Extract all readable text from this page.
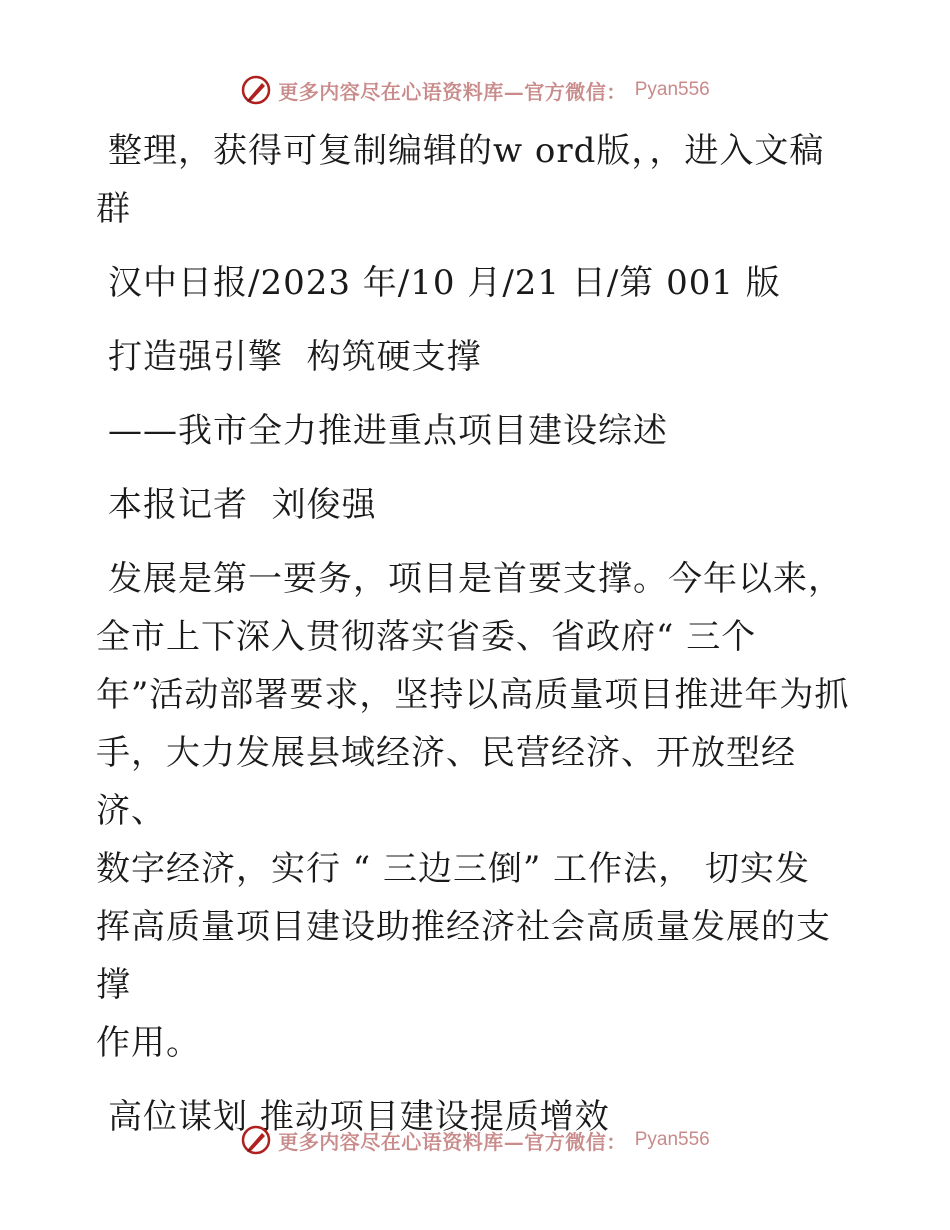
更多内容尽在心语资料库—官方微信： Pyan556

整理，获得可复制编辑的w ord版，，进入文稿

群

汉中日报/2023 年/10 月/21 日/第 001 版

打造强引擎  构筑硬支撑

——我市全力推进重点项目建设综述

本报记者  刘俊强

发展是第一要务，项目是首要支撑。今年以来，

全市上下深入贯彻落实省委、省政府“ 三个

年”活动部署要求，坚持以高质量项目推进年为抓

手，大力发展县域经济、民营经济、开放型经济、

数字经济，实行 “ 三边三倒” 工作法， 切实发

挥高质量项目建设助推经济社会高质量发展的支撑

作用。

高位谋划 推动项目建设提质增效

更多内容尽在心语资料库—官方微信： Pyan556
